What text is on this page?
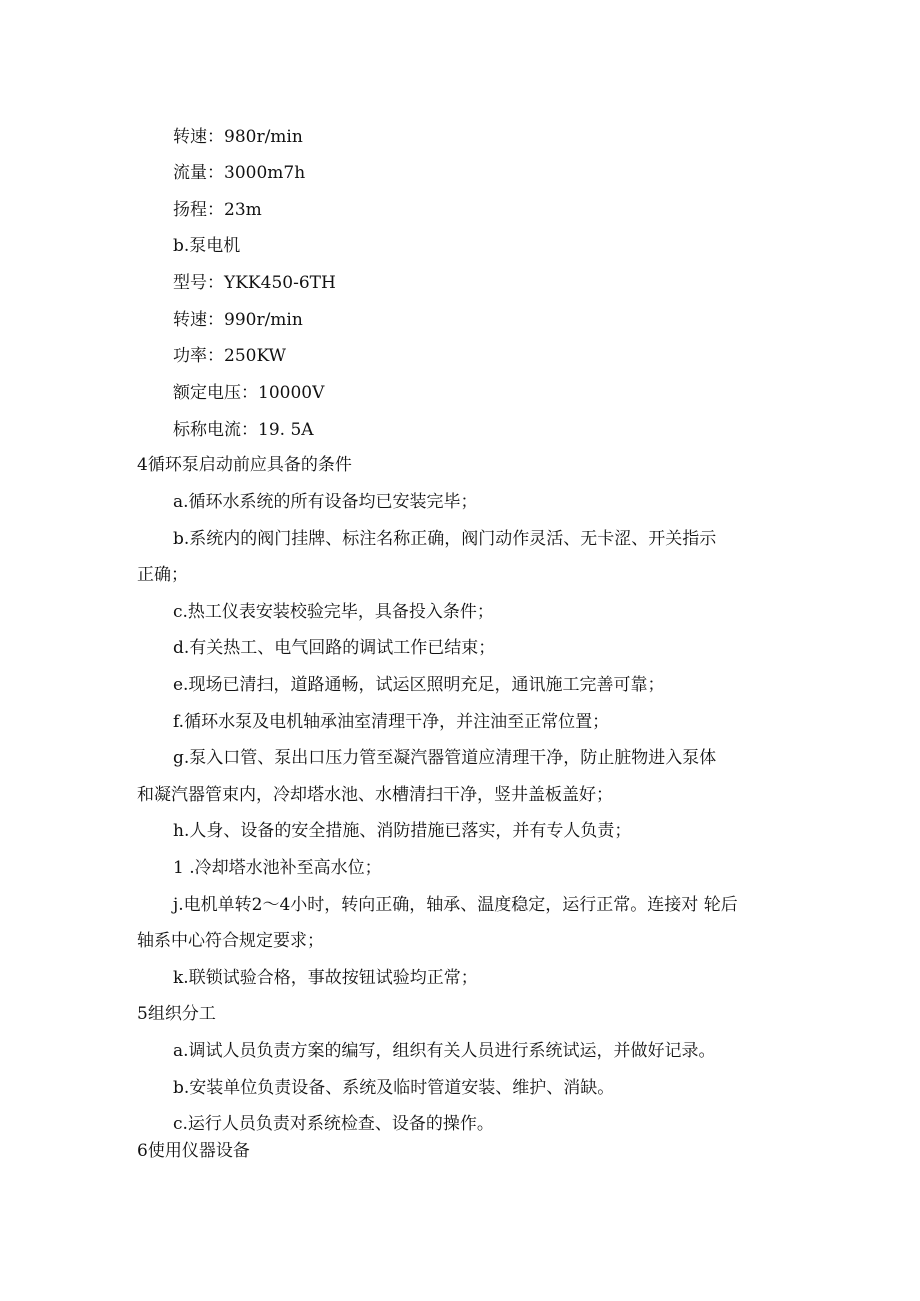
转速：980r/min
流量：3000m7h
扬程：23m
b.泵电机
型号：YKK450-6TH
转速：990r/min
功率：250KW
额定电压：10000V
标称电流：19. 5A
4循环泵启动前应具备的条件
a.循环水系统的所有设备均已安装完毕；
b.系统内的阀门挂牌、标注名称正确，阀门动作灵活、无卡涩、开关指示
正确；
c.热工仪表安装校验完毕，具备投入条件；
d.有关热工、电气回路的调试工作已结束；
e.现场已清扫，道路通畅，试运区照明充足，通讯施工完善可靠；
f.循环水泵及电机轴承油室清理干净，并注油至正常位置；
g.泵入口管、泵出口压力管至凝汽器管道应清理干净，防止脏物进入泵体
和凝汽器管束内，冷却塔水池、水槽清扫干净，竖井盖板盖好；
h.人身、设备的安全措施、消防措施已落实，并有专人负责；
1 .冷却塔水池补至高水位；
j.电机单转2～4小时，转向正确，轴承、温度稳定，运行正常。连接对 轮后
轴系中心符合规定要求；
k.联锁试验合格，事故按钮试验均正常；
5组织分工
a.调试人员负责方案的编写，组织有关人员进行系统试运，并做好记录。
b.安装单位负责设备、系统及临时管道安装、维护、消缺。
c.运行人员负责对系统检查、设备的操作。
6使用仪器设备
